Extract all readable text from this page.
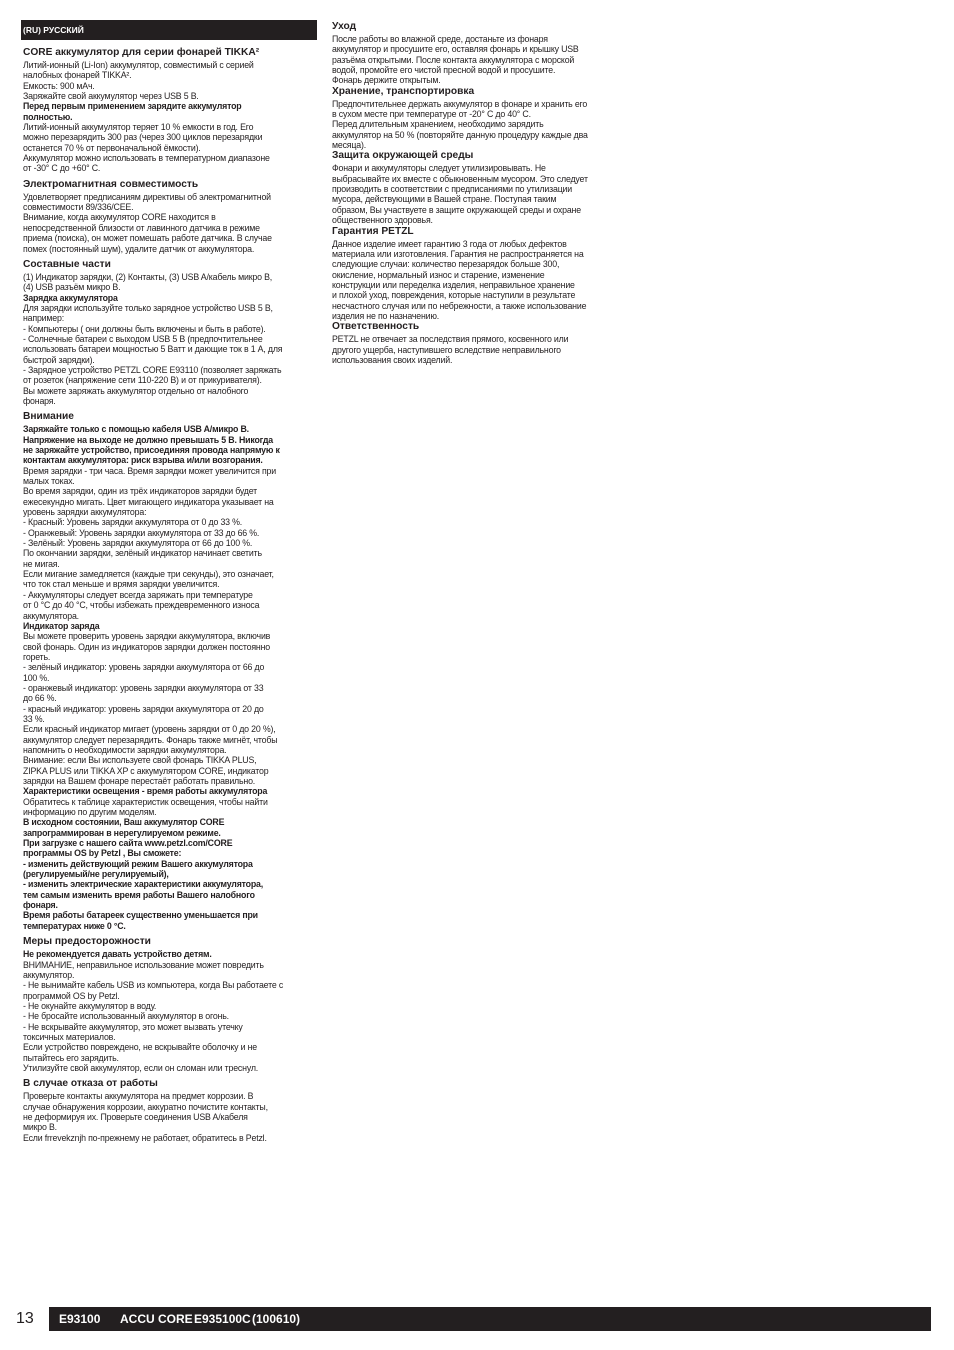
(RU) РУССКИЙ
CORE аккумулятор для серии фонарей TIKKA²
Литий-ионный (Li-Ion) аккумулятор, совместимый с серией
налобных фонарей TIKKA².
Емкость: 900 мАч.
Заряжайте свой аккумулятор через USB 5 В.
Перед первым применением зарядите аккумулятор
полностью.
Литий-ионный аккумулятор теряет 10 % емкости в год. Его
можно перезарядить 300 раз (через 300 циклов перезарядки
останется 70 % от первоначальной ёмкости).
Аккумулятор можно использовать в температурном диапазоне
от -30° C до +60° C.
Электромагнитная совместимость
Удовлетворяет предписаниям директивы об электромагнитной
совместимости 89/336/CEE.
Внимание, когда аккумулятор CORE находится в
непосредственной близости от лавинного датчика в режиме
приема (поиска), он может помешать работе датчика. В случае
помех (постоянный шум), удалите датчик от аккумулятора.
Составные части
(1) Индикатор зарядки, (2) Контакты, (3) USB A/кабель микро B,
(4) USB разъём микро B.
Зарядка аккумулятора
Для зарядки используйте только зарядное устройство USB 5 В,
например:
- Компьютеры ( они должны быть включены и быть в работе).
- Солнечные батареи с выходом USB 5 В (предпочтительнее
использовать батареи мощностью 5 Ватт и дающие ток в 1 А, для
быстрой зарядки).
- Зарядное устройство PETZL CORE E93110 (позволяет заряжать
от розеток (напряжение сети 110-220 В) и от прикуривателя).
Вы можете заряжать аккумулятор отдельно от налобного
фонаря.
Внимание
Заряжайте только с помощью кабеля USB A/микро B.
Напряжение на выходе не должно превышать 5 В. Никогда
не заряжайте устройство, присоединяя провода напрямую к
контактам аккумулятора: риск взрыва и/или возгорания.
Время зарядки - три часа. Время зарядки может увеличится при
малых токах.
Во время зарядки, один из трёх индикаторов зарядки будет
ежесекундно мигать. Цвет мигающего индикатора указывает на
уровень зарядки аккумулятора:
- Красный: Уровень зарядки аккумулятора от 0 до 33 %.
- Оранжевый: Уровень зарядки аккумулятора от 33 до 66 %.
- Зелёный: Уровень зарядки аккумулятора от 66 до 100 %.
По окончании зарядки, зелёный индикатор начинает светить
не мигая.
Если мигание замедляется (каждые три секунды), это означает,
что ток стал меньше и врямя зарядки увеличится.
- Аккумуляторы следует всегда заряжать при температуре
от 0 °С до 40 °С, чтобы избежать преждевременного износа
аккумулятора.
Индикатор заряда
Вы можете проверить уровень зарядки аккумулятора, включив
свой фонарь. Один из индикаторов зарядки должен постоянно
гореть.
- зелёный индикатор: уровень зарядки аккумулятора от 66 до
100 %.
- оранжевый индикатор: уровень зарядки аккумулятора от 33
до 66 %.
- красный индикатор: уровень зарядки аккумулятора от 20 до
33 %.
Если красный индикатор мигает (уровень зарядки от 0 до 20 %),
аккумулятор следует перезарядить. Фонарь также мигнёт, чтобы
напомнить о необходимости зарядки аккумулятора.
Внимание: если Вы используете свой фонарь TIKKA PLUS,
ZIPKA PLUS или TIKKA XP с аккумулятором CORE, индикатор
зарядки на Вашем фонаре перестаёт работать правильно.
Характеристики освещения - время работы аккумулятора
Обратитесь к таблице характеристик освещения, чтобы найти
информацию по другим моделям.
В исходном состоянии, Ваш аккумулятор CORE
запрограммирован в нерегулируемом режиме.
При загрузке с нашего сайта www.petzl.com/CORE
программы OS by Petzl , Вы сможете:
- изменить действующий режим Вашего аккумулятора
(регулируемый/не регулируемый),
- изменить электрические характеристики аккумулятора,
тем самым изменить время работы Вашего налобного
фонаря.
Время работы батареек существенно уменьшается при
температурах ниже 0 °C.
Меры предосторожности
Не рекомендуется давать устройство детям.
ВНИМАНИЕ, неправильное использование может повредить
аккумулятор.
- Не вынимайте кабель USB из компьютера, когда Вы работаете с
программой OS by Petzl.
- Не окунайте аккумулятор в воду.
- Не бросайте использованный аккумулятор в огонь.
- Не вскрывайте аккумулятор, это может вызвать утечку
токсичных материалов.
Если устройство повреждено, не вскрывайте оболочку и не
пытайтесь его зарядить.
Утилизуйте свой аккумулятор, если он сломан или треснул.
В случае отказа от работы
Проверьте контакты аккумулятора на предмет коррозии. В
случае обнаружения коррозии, аккуратно почистите контакты,
не деформируя их. Проверьте соединения USB A/кабеля
микро B.
Если frrevekznjh по-прежнему не работает, обратитесь в Petzl.
Уход
После работы во влажной среде, достаньте из фонаря
аккумулятор и просушите его, оставляя фонарь и крышку USB
разъёма открытыми. После контакта аккумулятора с морской
водой, промойте его чистой пресной водой и просушите.
Фонарь держите открытым.
Хранение, транспортировка
Предпочтительнее держать аккумулятор в фонаре и хранить его
в сухом месте при температуре от -20° C до 40° C.
Перед длительным хранением, необходимо зарядить
аккумулятор на 50 % (повторяйте данную процедуру каждые два
месяца).
Защита окружающей среды
Фонари и аккумуляторы следует утилизировывать. Не
выбрасывайте их вместе с обыкновенным мусором. Это следует
производить в соответствии с предписаниями по утилизации
мусора, действующими в Вашей стране. Поступая таким
образом, Вы участвуете в защите окружающей среды и охране
общественного здоровья.
Гарантия PETZL
Данное изделие имеет гарантию 3 года от любых дефектов
материала или изготовления. Гарантия не распространяется на
следующие случаи: количество перезарядок больше 300,
окисление, нормальный износ и старение, изменение
конструкции или переделка изделия, неправильное хранение
и плохой уход, повреждения, которые наступили в результате
несчастного случая или по небрежности, а также использование
изделия не по назначению.
Ответственность
PETZL не отвечает за последствия прямого, косвенного или
другого ущерба, наступившего вследствие неправильного
использования своих изделий.
13	E93100 ACCU CORE E935100C (100610)
